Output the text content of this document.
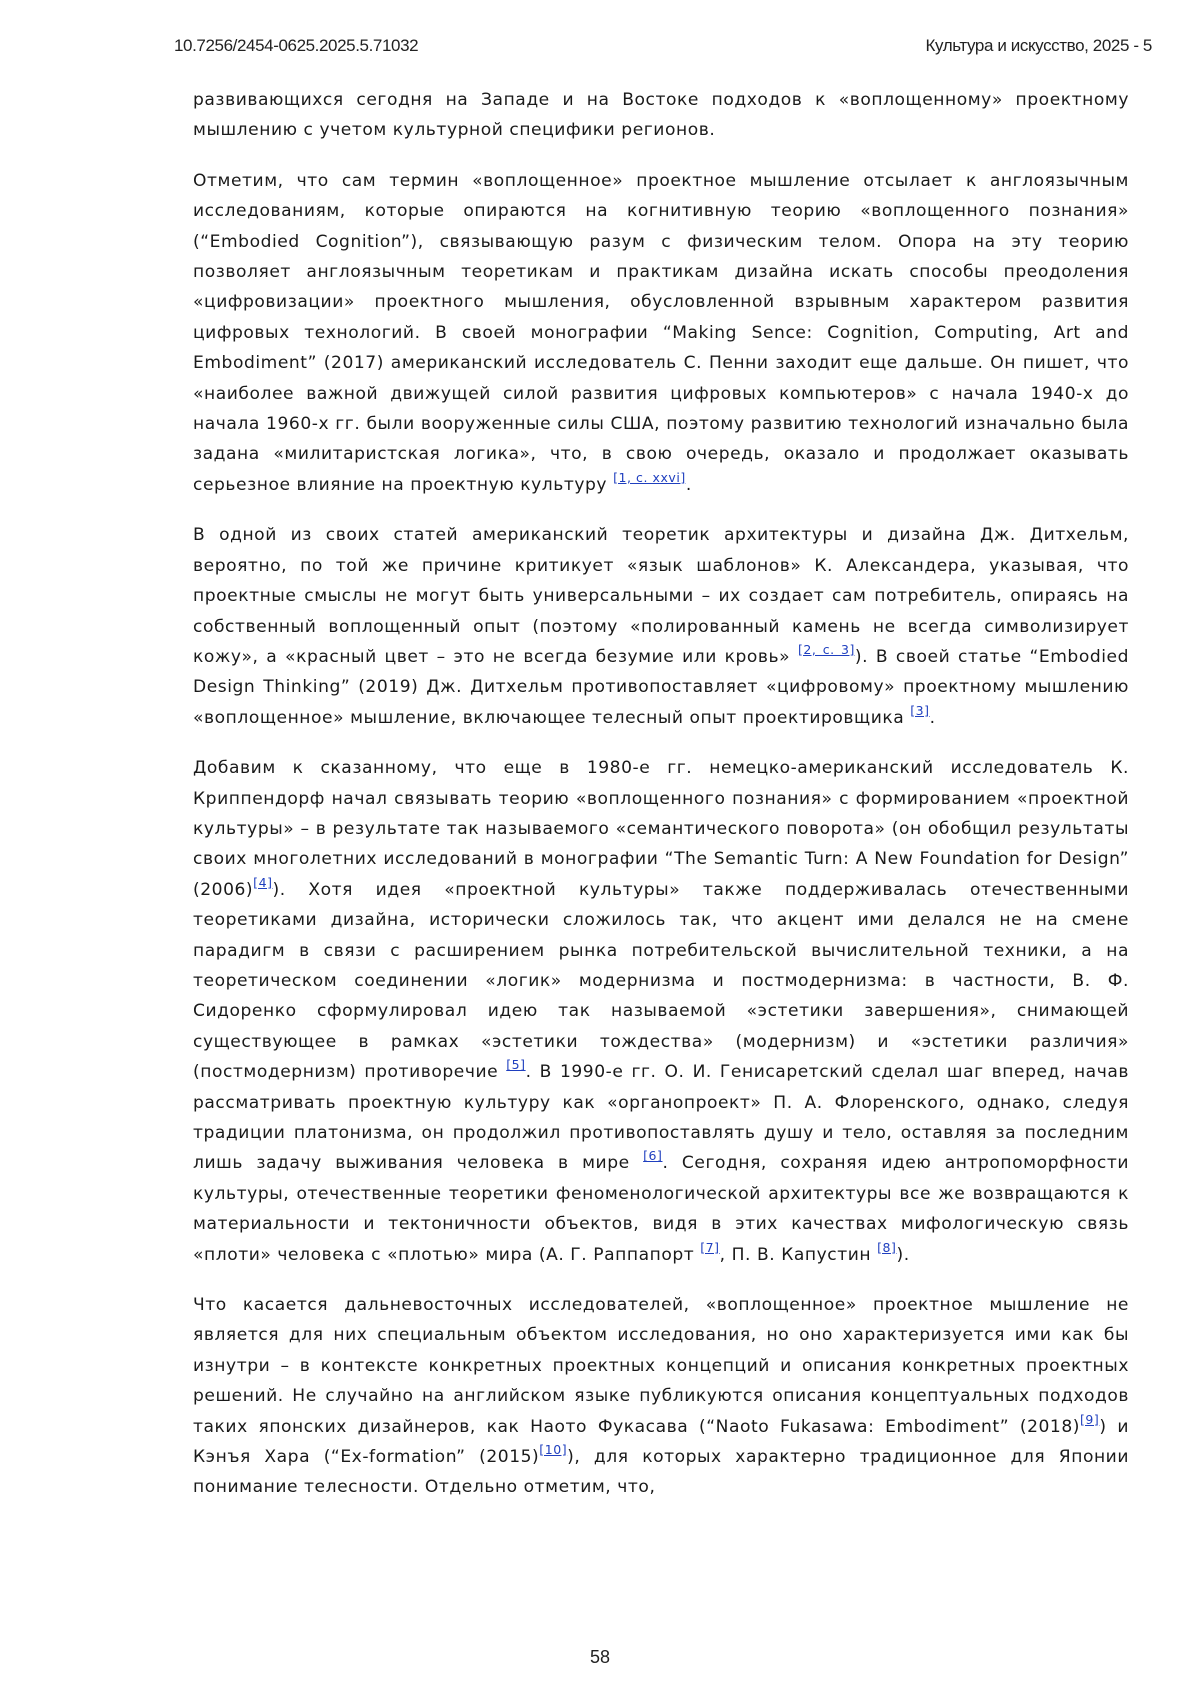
10.7256/2454-0625.2025.5.71032	Культура и искусство, 2025 - 5

развивающихся сегодня на Западе и на Востоке подходов к «воплощенному» проектному мышлению с учетом культурной специфики регионов.

Отметим, что сам термин «воплощенное» проектное мышление отсылает к англоязычным исследованиям, которые опираются на когнитивную теорию «воплощенного познания» (“Embodied Cognition”), связывающую разум с физическим телом. Опора на эту теорию позволяет англоязычным теоретикам и практикам дизайна искать способы преодоления «цифровизации» проектного мышления, обусловленной взрывным характером развития цифровых технологий. В своей монографии “Making Sence: Cognition, Computing, Art and Embodiment” (2017) американский исследователь С. Пенни заходит еще дальше. Он пишет, что «наиболее важной движущей силой развития цифровых компьютеров» с начала 1940-х до начала 1960-х гг. были вооруженные силы США, поэтому развитию технологий изначально была задана «милитаристская логика», что, в свою очередь, оказало и продолжает оказывать серьезное влияние на проектную культуру [1, с. xxvi].

В одной из своих статей американский теоретик архитектуры и дизайна Дж. Дитхельм, вероятно, по той же причине критикует «язык шаблонов» К. Александера, указывая, что проектные смыслы не могут быть универсальными – их создает сам потребитель, опираясь на собственный воплощенный опыт (поэтому «полированный камень не всегда символизирует кожу», а «красный цвет – это не всегда безумие или кровь» [2, с. 3]). В своей статье “Embodied Design Thinking” (2019) Дж. Дитхельм противопоставляет «цифровому» проектному мышлению «воплощенное» мышление, включающее телесный опыт проектировщика [3].

Добавим к сказанному, что еще в 1980-е гг. немецко-американский исследователь К. Криппендорф начал связывать теорию «воплощенного познания» с формированием «проектной культуры» – в результате так называемого «семантического поворота» (он обобщил результаты своих многолетних исследований в монографии “The Semantic Turn: A New Foundation for Design” (2006)[4]). Хотя идея «проектной культуры» также поддерживалась отечественными теоретиками дизайна, исторически сложилось так, что акцент ими делался не на смене парадигм в связи с расширением рынка потребительской вычислительной техники, а на теоретическом соединении «логик» модернизма и постмодернизма: в частности, В. Ф. Сидоренко сформулировал идею так называемой «эстетики завершения», снимающей существующее в рамках «эстетики тождества» (модернизм) и «эстетики различия» (постмодернизм) противоречие [5]. В 1990-е гг. О. И. Генисаретский сделал шаг вперед, начав рассматривать проектную культуру как «органопроект» П. А. Флоренского, однако, следуя традиции платонизма, он продолжил противопоставлять душу и тело, оставляя за последним лишь задачу выживания человека в мире [6]. Сегодня, сохраняя идею антропоморфности культуры, отечественные теоретики феноменологической архитектуры все же возвращаются к материальности и тектоничности объектов, видя в этих качествах мифологическую связь «плоти» человека с «плотью» мира (А. Г. Раппапорт [7], П. В. Капустин [8]).

Что касается дальневосточных исследователей, «воплощенное» проектное мышление не является для них специальным объектом исследования, но оно характеризуется ими как бы изнутри – в контексте конкретных проектных концепций и описания конкретных проектных решений. Не случайно на английском языке публикуются описания концептуальных подходов таких японских дизайнеров, как Наото Фукасава (“Naoto Fukasawa: Embodiment” (2018)[9]) и Кэнъя Хара (“Ex-formation” (2015)[10]), для которых характерно традиционное для Японии понимание телесности. Отдельно отметим, что,

58
